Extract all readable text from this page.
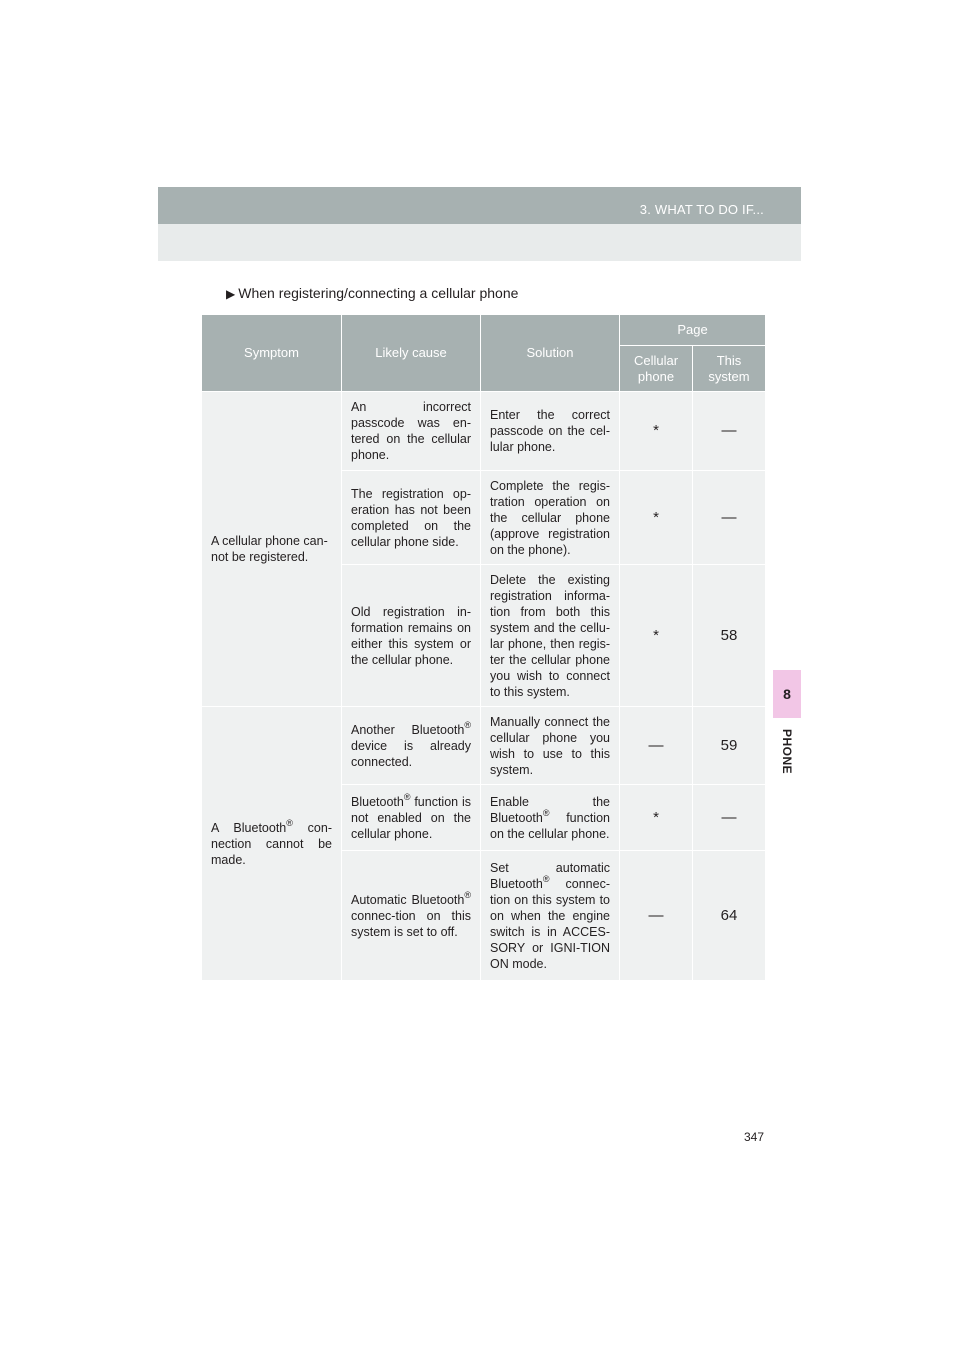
3. WHAT TO DO IF...
8
PHONE
▶ When registering/connecting a cellular phone
Symptom	Likely cause	Solution	Page	
			Cellular phone	This system
A cellular phone can-not be registered.	An incorrect passcode was en-tered on the cellular phone.	Enter the correct passcode on the cel-lular phone.	*	—
	The registration op-eration has not been completed on the cellular phone side.	Complete the regis-tration operation on the cellular phone (approve registration on the phone).	*	—
	Old registration in-formation remains on either this system or the cellular phone.	Delete the existing registration informa-tion from both this system and the cellu-lar phone, then regis-ter the cellular phone you wish to connect to this system.	*	58
A Bluetooth® con-nection cannot be made.	Another Bluetooth® device is already connected.	Manually connect the cellular phone you wish to use to this system.	—	59
	Bluetooth® function is not enabled on the cellular phone.	Enable the Bluetooth® function on the cellular phone.	*	—
	Automatic Bluetooth® connec-tion on this system is set to off.	Set automatic Bluetooth® connec-tion on this system to on when the engine switch is in ACCES-SORY or IGNI-TION ON mode.	—	64
347
